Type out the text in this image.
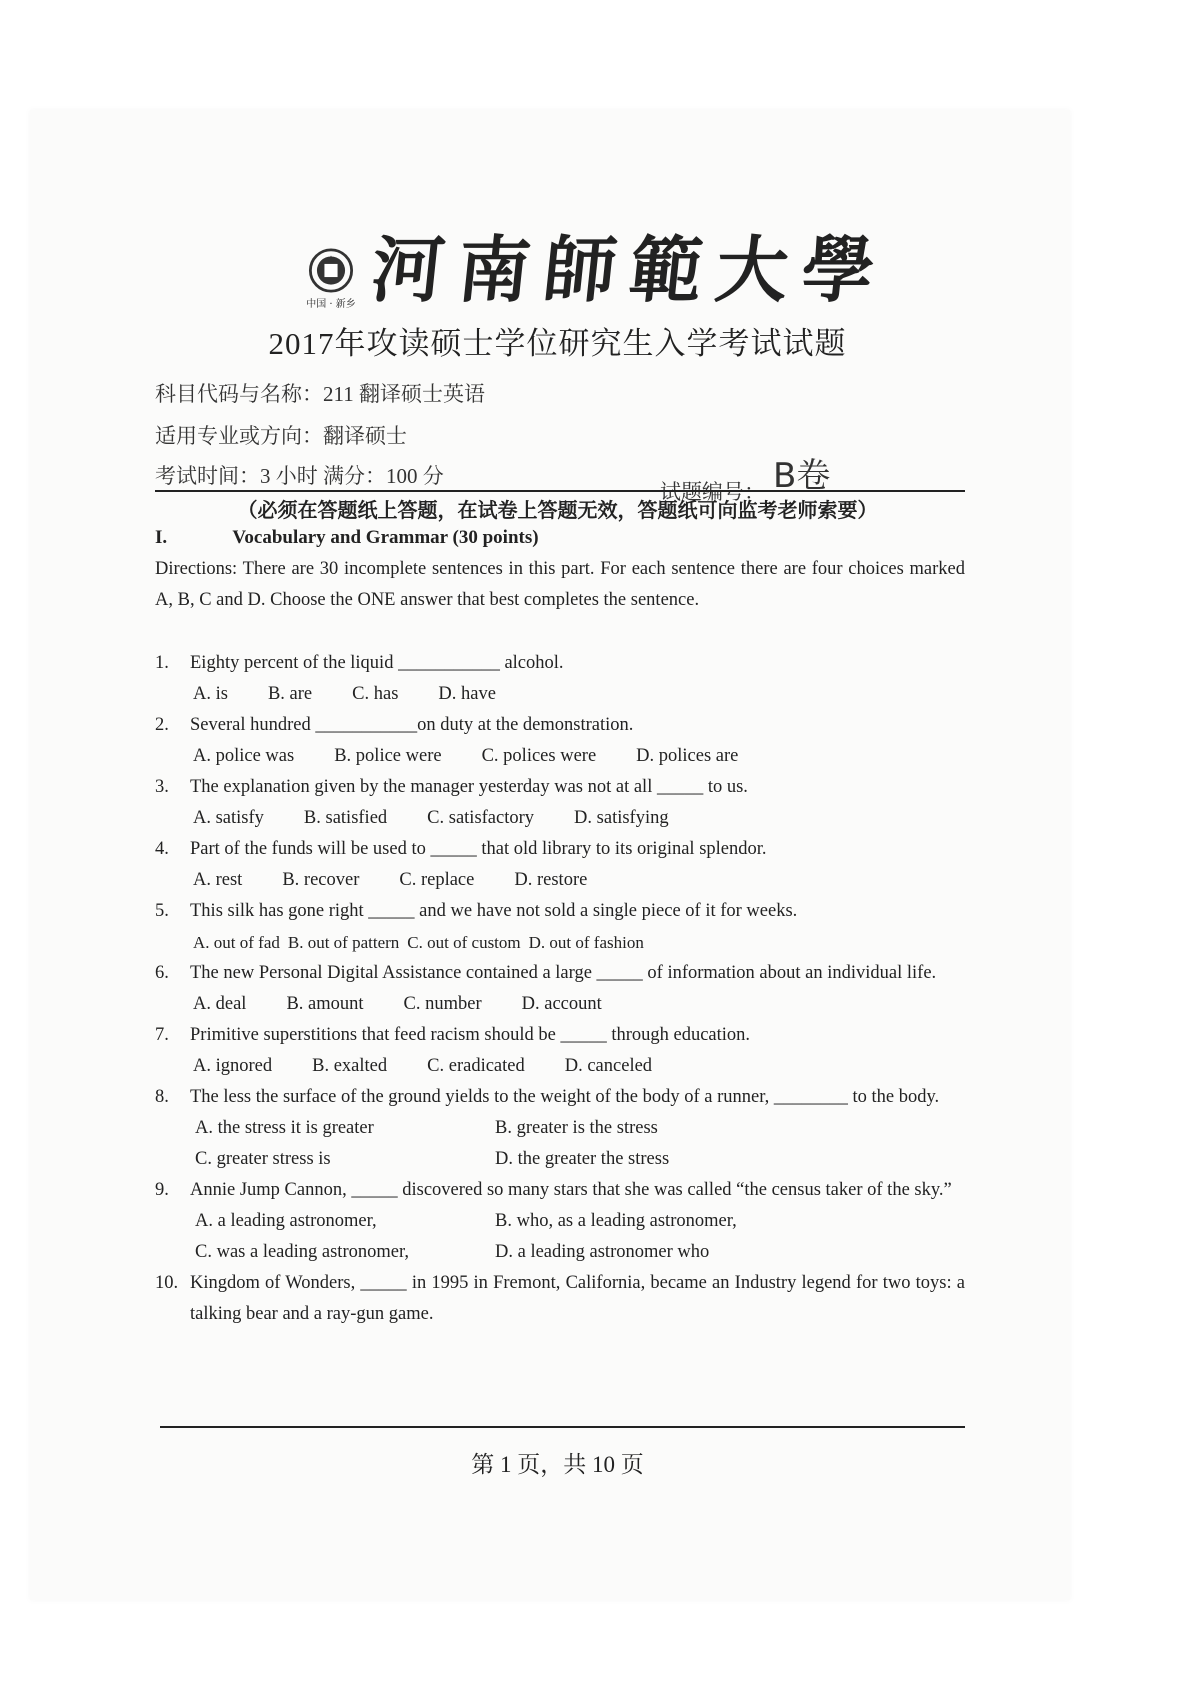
中国 · 新乡 河南師範大學
2017年攻读硕士学位研究生入学考试试题
科目代码与名称：211 翻译硕士英语
适用专业或方向：翻译硕士
考试时间：3 小时 满分：100 分
试题编号： B卷
（必须在答题纸上答题，在试卷上答题无效，答题纸可向监考老师索要）
I.	Vocabulary and Grammar (30 points)
Directions: There are 30 incomplete sentences in this part. For each sentence there are four choices marked A, B, C and D. Choose the ONE answer that best completes the sentence.
1.	Eighty percent of the liquid ___________ alcohol.
A. is B. are C. has D. have
2.	Several hundred ___________on duty at the demonstration.
A. police was B. police were C. polices were D. polices are
3.	The explanation given by the manager yesterday was not at all _____ to us.
A. satisfy B. satisfied C. satisfactory D. satisfying
4.	Part of the funds will be used to _____ that old library to its original splendor.
A. rest B. recover C. replace D. restore
5.	This silk has gone right _____ and we have not sold a single piece of it for weeks.
A. out of fad B. out of pattern C. out of custom D. out of fashion
6.	The new Personal Digital Assistance contained a large _____ of information about an individual life.
A. deal B. amount C. number D. account
7.	Primitive superstitions that feed racism should be _____ through education.
A. ignored B. exalted C. eradicated D. canceled
8.	The less the surface of the ground yields to the weight of the body of a runner, ________ to the body.
A. the stress it is greater	B. greater is the stress
C. greater stress is	D. the greater the stress
9.	Annie Jump Cannon, _____ discovered so many stars that she was called “the census taker of the sky.”
A. a leading astronomer,	B. who, as a leading astronomer,
C. was a leading astronomer,	D. a leading astronomer who
10. Kingdom of Wonders, _____ in 1995 in Fremont, California, became an Industry legend for two toys: a talking bear and a ray-gun game.
第 1 页，共 10 页
